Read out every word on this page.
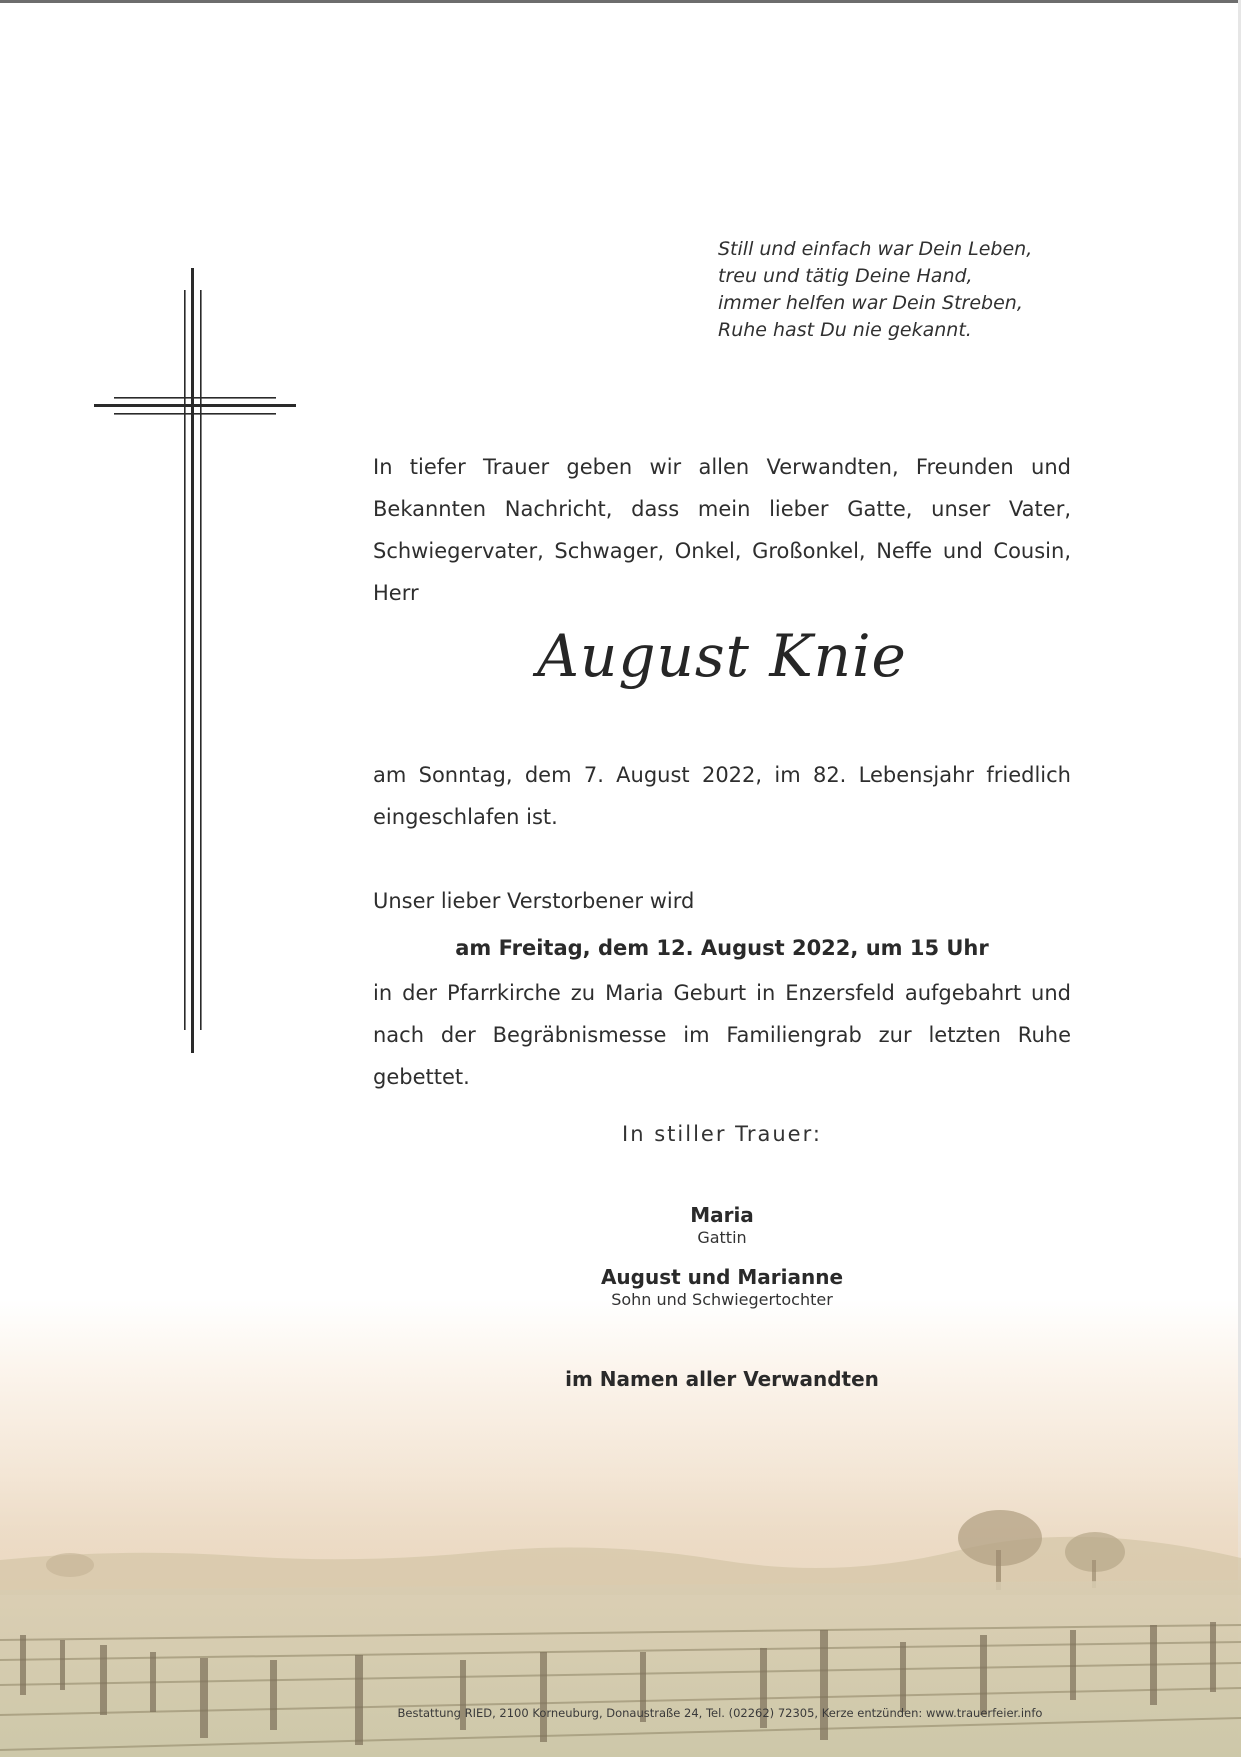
Still und einfach war Dein Leben,
treu und tätig Deine Hand,
immer helfen war Dein Streben,
Ruhe hast Du nie gekannt.
In tiefer Trauer geben wir allen Verwandten, Freunden und Bekannten Nachricht, dass mein lieber Gatte, unser Vater, Schwiegervater, Schwager, Onkel, Großonkel, Neffe und Cousin, Herr
August Knie
am Sonntag, dem 7. August 2022, im 82. Lebensjahr friedlich eingeschlafen ist.
Unser lieber Verstorbener wird
am Freitag, dem 12. August 2022, um 15 Uhr
in der Pfarrkirche zu Maria Geburt in Enzersfeld aufgebahrt und nach der Begräbnismesse im Familiengrab zur letzten Ruhe gebettet.
In stiller Trauer:
Maria
Gattin
August und Marianne
Sohn und Schwiegertochter
im Namen aller Verwandten
Bestattung RIED, 2100 Korneuburg, Donaustraße 24, Tel. (02262) 72305, Kerze entzünden: www.trauerfeier.info
